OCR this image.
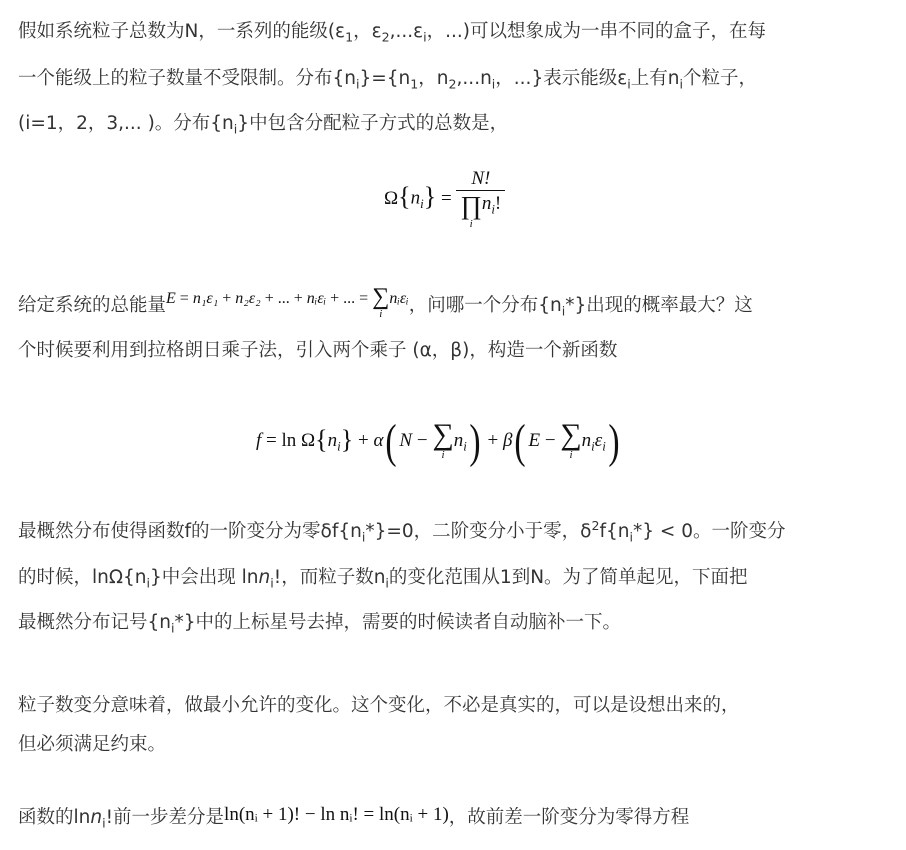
假如系统粒子总数为N，一系列的能级($\varepsilon_1$，$\varepsilon_2,...\varepsilon_i$，...)可以想象成为一串不同的盒子，在每
一个能级上的粒子数量不受限制。分布$\{n_i\}=\{n_1$，$n_2,...n_i$，...}表示能级$\varepsilon_i$上有$n_i$个粒子，
(i=1，2，3,... )。分布$\{n_i\}$中包含分配粒子方式的总数是，
$\Omega\{n_i\} = N$!
∏
i
$n_i$!
给定系统的总能量E = n₁ε₁ + n₂ε₂ + ... + nᵢεᵢ + ... = ∑
i
nᵢεᵢ，问哪一个分布$\{n_i*\}$出现的概率最大？这
个时候要利用到拉格朗日乘子法，引入两个乘子 (α，β)，构造一个新函数
$f = \ln \Omega\{n_i\} + \alpha$( N − ∑
i
$n_i) + \beta$( E − ∑
i
$n_i\varepsilon_i$)
最概然分布使得函数f的一阶变分为零$\delta f\{n_i*\}=0$，二阶变分小于零，$\delta^2f\{n_i*\} < 0$。一阶变分
的时候，$\ln\Omega\{n_i\}$中会出现 lnn$_i$!，而粒子数$n_i$的变化范围从1到N。为了简单起见，下面把
最概然分布记号$\{n_i*\}$中的上标星号去掉，需要的时候读者自动脑补一下。
粒子数变分意味着，做最小允许的变化。这个变化，不必是真实的，可以是设想出来的，
但必须满足约束。
函数的lnn$_i$!前一步差分是ln(nᵢ + 1)! − ln nᵢ! = ln(nᵢ + 1)，故前差一阶变分为零得方程
